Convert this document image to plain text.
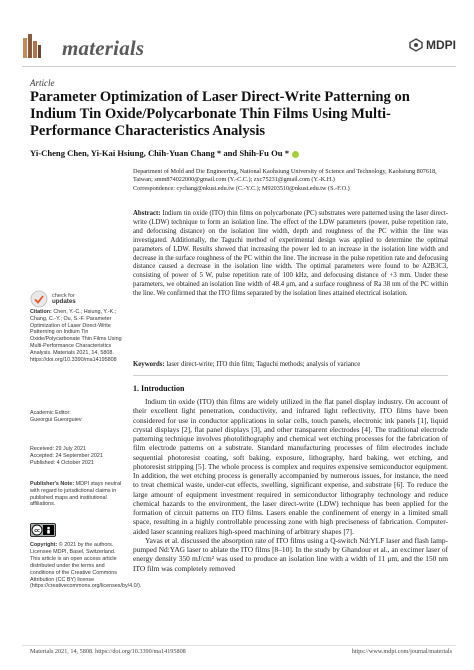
materials	MDPI
Article
Parameter Optimization of Laser Direct-Write Patterning on Indium Tin Oxide/Polycarbonate Thin Films Using Multi-Performance Characteristics Analysis
Yi-Cheng Chen, Yi-Kai Hsiung, Chih-Yuan Chang * and Shih-Fu Ou *
Department of Mold and Die Engineering, National Kaohsiung University of Science and Technology, Kaohsiung 807618, Taiwan; smm874022000@gmail.com (Y.-C.C.); zxc75231@gmail.com (Y.-K.H.)
Correspondence: cychang@nkust.edu.tw (C.-Y.C.); M9203510@nkust.edu.tw (S.-F.O.)
Abstract: Indium tin oxide (ITO) thin films on polycarbonate (PC) substrates were patterned using the laser direct-write (LDW) technique to form an isolation line. The effect of the LDW parameters (power, pulse repetition rate, and defocusing distance) on the isolation line width, depth and roughness of the PC within the line was investigated. Additionally, the Taguchi method of experimental design was applied to determine the optimal parameters of LDW. Results showed that increasing the power led to an increase in the isolation line width and decrease in the surface roughness of the PC within the line. The increase in the pulse repetition rate and defocusing distance caused a decrease in the isolation line width. The optimal parameters were found to be A2B3C3, consisting of power of 5 W, pulse repetition rate of 100 kHz, and defocusing distance of +3 mm. Under these parameters, we obtained an isolation line width of 48.4 μm, and a surface roughness of Ra 38 nm of the PC within the line. We confirmed that the ITO films separated by the isolation lines attained electrical isolation.
Keywords: laser direct-write; ITO thin film; Taguchi methods; analysis of variance
1. Introduction

Indium tin oxide (ITO) thin films are widely utilized in the flat panel display industry. On account of their excellent light penetration, conductivity, and infrared light reflectivity, ITO films have been considered for use in conductor applications in solar cells, touch panels, electronic ink panels [1], liquid crystal displays [2], flat panel displays [3], and other transparent electrodes [4]. The traditional electrode patterning technique involves photolithography and chemical wet etching processes for the fabrication of film electrode patterns on a substrate. Standard manufacturing processes of film electrodes include sequential photoresist coating, soft baking, exposure, lithography, hard baking, wet etching, and photoresist stripping [5]. The whole process is complex and requires expensive semiconductor equipment. In addition, the wet etching process is generally accompanied by numerous issues, for instance, the need to treat chemical waste, under-cut effects, swelling, significant expense, and substrate [6]. To reduce the large amount of equipment investment required in semiconductor lithography technology and reduce chemical hazards to the environment, the laser direct-write (LDW) technique has been applied for the formation of circuit patterns on ITO films. Lasers enable the confinement of energy in a limited small space, resulting in a highly controllable processing zone with high preciseness of fabrication. Computer-aided laser scanning realizes high-speed machining of arbitrary shapes [7].

Yavas et al. discussed the absorption rate of ITO films using a Q-switch Nd:YLF laser and flash lamp-pumped Nd:YAG laser to ablate the ITO films [8–10]. In the study by Ghandour et al., an excimer laser of energy density 350 mJ/cm² was used to produce an isolation line with a width of 11 μm, and the 150 nm ITO film was completely removed

check for
updates
Citation: Chen, Y.-C.; Hsiung, Y.-K.; Chang, C.-Y.; Ou, S.-F. Parameter Optimization of Laser Direct-Write Patterning on Indium Tin Oxide/Polycarbonate Thin Films Using Multi-Performance Characteristics Analysis. Materials 2021, 14, 5808. https://doi.org/10.3390/ma14195808
Academic Editor:
Gueorgui Gueorguiev
Received: 29 July 2021
Accepted: 24 September 2021
Published: 4 October 2021
Publisher's Note: MDPI stays neutral with regard to jurisdictional claims in published maps and institutional affiliations.
cc
Copyright: © 2021 by the authors. Licensee MDPI, Basel, Switzerland. This article is an open access article distributed under the terms and conditions of the Creative Commons Attribution (CC BY) license (https://creativecommons.org/licenses/by/4.0/).
Materials 2021, 14, 5808. https://doi.org/10.3390/ma14195808	https://www.mdpi.com/journal/materials
